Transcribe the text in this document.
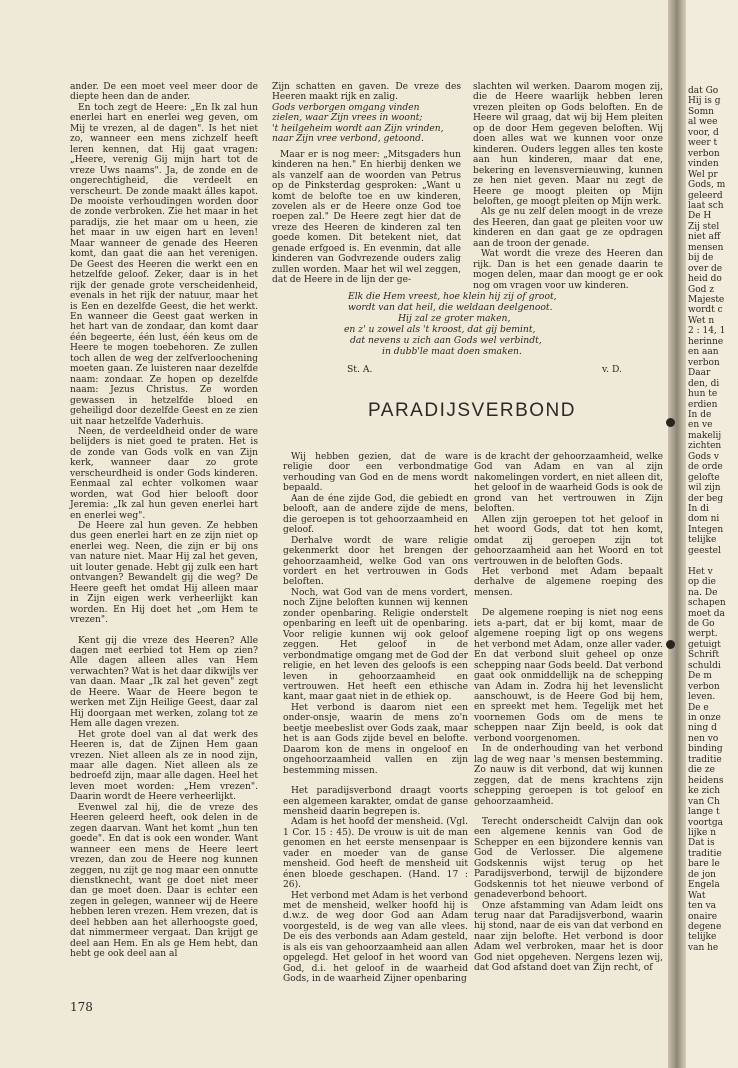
ander. De een moet veel meer door de diepte heen dan de ander.

En toch zegt de Heere: „En Ik zal hun enerlei hart en enerlei weg geven, om Mij te vrezen, al de dagen". Is het niet zo, wanneer een mens zichzelf heeft leren kennen, dat Hij gaat vragen: „Heere, verenig Gij mijn hart tot de vreze Uws naams". Ja, de zonde en de ongerechtigheid, die verdeelt en verscheurt. De zonde maakt álles kapot. De mooiste verhoudingen worden door de zonde verbroken. Zie het maar in het paradijs, zie het maar om u heen, zie het maar in uw eigen hart en leven! Maar wanneer de genade des Heeren komt, dan gaat die aan het verenigen. De Geest des Heeren die werkt een en hetzelfde geloof. Zeker, daar is in het rijk der genade grote verscheidenheid, evenals in het rijk der natuur, maar het is Een en dezelfde Geest, die het werkt. En wanneer die Geest gaat werken in het hart van de zondaar, dan komt daar één begeerte, één lust, één keus om de Heere te mogen toebehoren. Ze zullen toch allen de weg der zelfverloochening moeten gaan. Ze luisteren naar dezelfde naam: zondaar. Ze hopen op dezelfde naam: Jezus Christus. Ze worden gewassen in hetzelfde bloed en geheiligd door dezelfde Geest en ze zien uit naar hetzelfde Vaderhuis.

Neen, de verdeeldheid onder de ware belijders is niet goed te praten. Het is de zonde van Gods volk en van Zijn kerk, wanneer daar zo grote verscheurdheid is onder Gods kinderen. Eenmaal zal echter volkomen waar worden, wat God hier belooft door Jeremia: „Ik zal hun geven enerlei hart en enerlei weg".

De Heere zal hun geven. Ze hebben dus geen enerlei hart en ze zijn niet op enerlei weg. Neen, die zijn er bij ons van nature niet. Maar Hij zal het geven, uit louter genade. Hebt gij zulk een hart ontvangen? Bewandelt gij die weg? De Heere geeft het omdat Hij alleen maar in Zijn eigen werk verheerlijkt kan worden. En Hij doet het „om Hem te vrezen".

Kent gij die vreze des Heeren? Alle dagen met eerbied tot Hem op zien? Alle dagen alleen alles van Hem verwachten? Wat is het daar dikwijls ver van daan. Maar „Ik zal het geven" zegt de Heere. Waar de Heere begon te werken met Zijn Heilige Geest, daar zal Hij doorgaan met werken, zolang tot ze Hem alle dagen vrezen.

Het grote doel van al dat werk des Heeren is, dat de Zijnen Hem gaan vrezen. Niet alleen als ze in nood zijn, maar alle dagen. Niet alleen als ze bedroefd zijn, maar alle dagen. Heel het leven moet worden: „Hem vrezen". Daarin wordt de Heere verheerlijkt.

Evenwel zal hij, die de vreze des Heeren geleerd heeft, ook delen in de zegen daarvan. Want het komt „hun ten goede". En dat is ook een wonder. Want wanneer een mens de Heere leert vrezen, dan zou de Heere nog kunnen zeggen, nu zijt ge nog maar een onnutte dienstknecht, want ge doet niet meer dan ge moet doen. Daar is echter een zegen in gelegen, wanneer wij de Heere hebben leren vrezen. Hem vrezen, dat is deel hebben aan het allerhoogste goed, dat nimmermeer vergaat. Dan krijgt ge deel aan Hem. En als ge Hem hebt, dan hebt ge ook deel aan al

Zijn schatten en gaven. De vreze des Heeren maakt rijk en zalig.

Gods verborgen omgang vinden

zielen, waar Zijn vrees in woont;

't heilgeheim wordt aan Zijn vrinden,

naar Zijn vree verbond, getoond.

Maar er is nog meer: „Mitsgaders hun kinderen na hen." En hierbij denken we als vanzelf aan de woorden van Petrus op de Pinksterdag gesproken: „Want u komt de belofte toe en uw kinderen, zovelen als er de Heere onze God toe roepen zal." De Heere zegt hier dat de vreze des Heeren de kinderen zal ten goede komen. Dit betekent niet, dat genade erfgoed is. En evenmin, dat alle kinderen van Godvrezende ouders zalig zullen worden. Maar het wil wel zeggen, dat de Heere in de lijn der ge-

slachten wil werken. Daarom mogen zij, die de Heere waarlijk hebben leren vrezen pleiten op Gods beloften. En de Heere wil graag, dat wij bij Hem pleiten op de door Hem gegeven beloften. Wij doen alles wat we kunnen voor onze kinderen. Ouders leggen alles ten koste aan hun kinderen, maar dat ene, bekering en levensvernieuwing, kunnen ze hen niet geven. Maar nu zegt de Heere ge moogt pleiten op Mijn beloften, ge moogt pleiten op Mijn werk.

Als ge nu zelf delen moogt in de vreze des Heeren, dan gaat ge pleiten voor uw kinderen en dan gaat ge ze opdragen aan de troon der genade.

Wat wordt die vreze des Heeren dan rijk. Dan is het een genade daarin te mogen delen, maar dan moogt ge er ook nog om vragen voor uw kinderen.

Elk die Hem vreest, hoe klein hij zij of groot,
wordt van dat heil, die weldaan deelgenoot.
Hij zal ze groter maken,
en z' u zowel als 't kroost, dat gij bemint,
dat nevens u zich aan Gods wel verbindt,
in dubb'le maat doen smaken.
St. A.	v. D.
PARADIJSVERBOND

Wij hebben gezien, dat de ware religie door een verbondmatige verhouding van God en de mens wordt bepaald.

Aan de éne zijde God, die gebiedt en belooft, aan de andere zijde de mens, die geroepen is tot gehoorzaamheid en geloof.

Derhalve wordt de ware religie gekenmerkt door het brengen der gehoorzaamheid, welke God van ons vordert en het vertrouwen in Gods beloften.

Noch, wat God van de mens vordert, noch Zijne beloften kunnen wij kennen zonder openbaring. Religie onderstelt openbaring en leeft uit de openbaring. Voor religie kunnen wij ook geloof zeggen. Het geloof in de verbondmatige omgang met de God der religie, en het leven des geloofs is een leven in gehoorzaamheid en vertrouwen. Het heeft een ethische kant, maar gaat niet in de ethiek op.

Het verbond is daarom niet een onder-onsje, waarin de mens zo'n beetje meebeslist over Gods zaak, maar het is aan Gods zijde bevel en belofte. Daarom kon de mens in ongeloof en ongehoorzaamheid vallen en zijn bestemming missen.

Het paradijsverbond draagt voorts een algemeen karakter, omdat de ganse mensheid daarin begrepen is.

Adam is het hoofd der mensheid. (Vgl. 1 Cor. 15 : 45). De vrouw is uit de man genomen en het eerste mensenpaar is vader en moeder van de ganse mensheid. God heeft de mensheid uit énen bloede geschapen. (Hand. 17 : 26).

Het verbond met Adam is het verbond met de mensheid, welker hoofd hij is d.w.z. de weg door God aan Adam voorgesteld, is de weg van alle vlees. De eis des verbonds aan Adam gesteld, is als eis van gehoorzaamheid aan allen opgelegd. Het geloof in het woord van God, d.i. het geloof in de waarheid Gods, in de waarheid Zijner openbaring

is de kracht der gehoorzaamheid, welke God van Adam en van al zijn nakomelingen vordert, en niet alleen dit, het geloof in de waarheid Gods is ook de grond van het vertrouwen in Zijn beloften.

Allen zijn geroepen tot het geloof in het woord Gods, dat tot hen komt, omdat zij geroepen zijn tot gehoorzaamheid aan het Woord en tot vertrouwen in de beloften Gods.

Het verbond met Adam bepaalt derhalve de algemene roeping des mensen.

De algemene roeping is niet nog eens iets a-part, dat er bij komt, maar de algemene roeping ligt op ons wegens het verbond met Adam, onze aller vader. En dat verbond sluit geheel op onze schepping naar Gods beeld. Dat verbond gaat ook onmiddellijk na de schepping van Adam in. Zodra hij het levenslicht aanschouwt, is de Heere God bij hem, en spreekt met hem. Tegelijk met het voornemen Gods om de mens te scheppen naar Zijn beeld, is ook dat verbond voorgenomen.

In de onderhouding van het verbond lag de weg naar 's mensen bestemming. Zo nauw is dit verbond, dat wij kunnen zeggen, dat de mens krachtens zijn schepping geroepen is tot geloof en gehoorzaamheid.

Terecht onderscheidt Calvijn dan ook een algemene kennis van God de Schepper en een bijzondere kennis van God de Verlosser. Die algemene Godskennis wijst terug op het Paradijsverbond, terwijl de bijzondere Godskennis tot het nieuwe verbond of genadeverbond behoort.

Onze afstamming van Adam leidt ons terug naar dat Paradijsverbond, waarin hij stond, naar de eis van dat verbond en naar zijn belofte. Het verbond is door Adam wel verbroken, maar het is door God niet opgeheven. Nergens lezen wij, dat God afstand doet van Zijn recht, of

178
dat Go
Hij is g
Somn
al wee
voor, d
weer t
verbon
vinden
Wel pr
Gods, m
geleerd
laat sch
De H
Zij stel
niet aff
mensen
bij de
over de
heid do
God z
Majeste
wordt c
Wet n
2 : 14, 1
herinne
en aan
verbon
Daar
den, di
hun te
erdien
In de
en ve
makelij
zichten
Gods v
de orde
gelofte
wil zijn
der beg
In di
dom ni
Integen
telijke
geestel
Het v
op die
na. De
schapen
moet da
de Go
werpt.
getuigt
Schrift
schuldi
De m
verbon
leven.
De e
in onze
ning d
nen vo
binding
traditie
die ze
heidens
ke zich
van Ch
lange t
voortga
lijke n
Dat is
traditie
bare le
de jon
Engela
Wat
ten va
onaire
degene
telijke
van he
